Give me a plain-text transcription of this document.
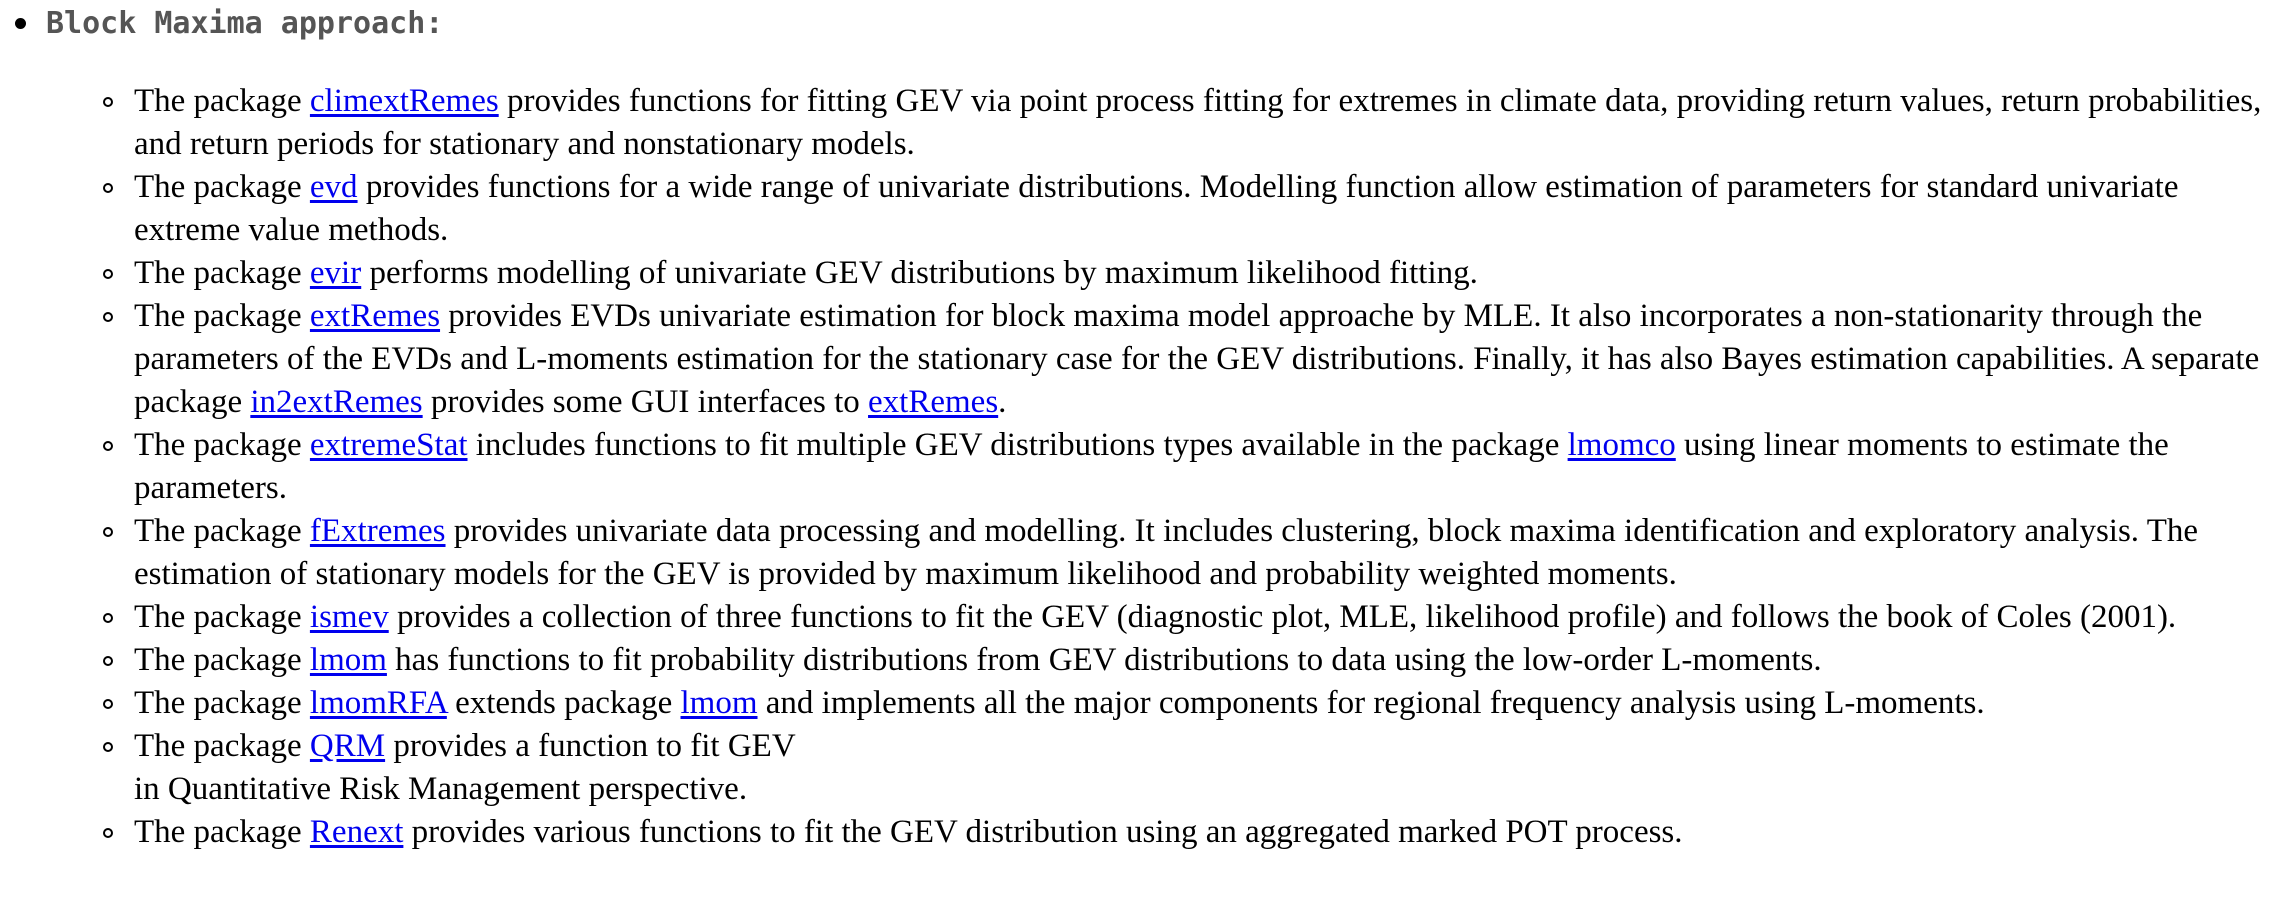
Block Maxima approach:
The package climextRemes provides functions for fitting GEV via point process fitting for extremes in climate data, providing return values, return probabilities, and return periods for stationary and nonstationary models.
The package evd provides functions for a wide range of univariate distributions. Modelling function allow estimation of parameters for standard univariate extreme value methods.
The package evir performs modelling of univariate GEV distributions by maximum likelihood fitting.
The package extRemes provides EVDs univariate estimation for block maxima model approache by MLE. It also incorporates a non-stationarity through the parameters of the EVDs and L-moments estimation for the stationary case for the GEV distributions. Finally, it has also Bayes estimation capabilities. A separate package in2extRemes provides some GUI interfaces to extRemes.
The package extremeStat includes functions to fit multiple GEV distributions types available in the package lmomco using linear moments to estimate the parameters.
The package fExtremes provides univariate data processing and modelling. It includes clustering, block maxima identification and exploratory analysis. The estimation of stationary models for the GEV is provided by maximum likelihood and probability weighted moments.
The package ismev provides a collection of three functions to fit the GEV (diagnostic plot, MLE, likelihood profile) and follows the book of Coles (2001).
The package lmom has functions to fit probability distributions from GEV distributions to data using the low-order L-moments.
The package lmomRFA extends package lmom and implements all the major components for regional frequency analysis using L-moments.
The package QRM provides a function to fit GEV
in Quantitative Risk Management perspective.
The package Renext provides various functions to fit the GEV distribution using an aggregated marked POT process.
